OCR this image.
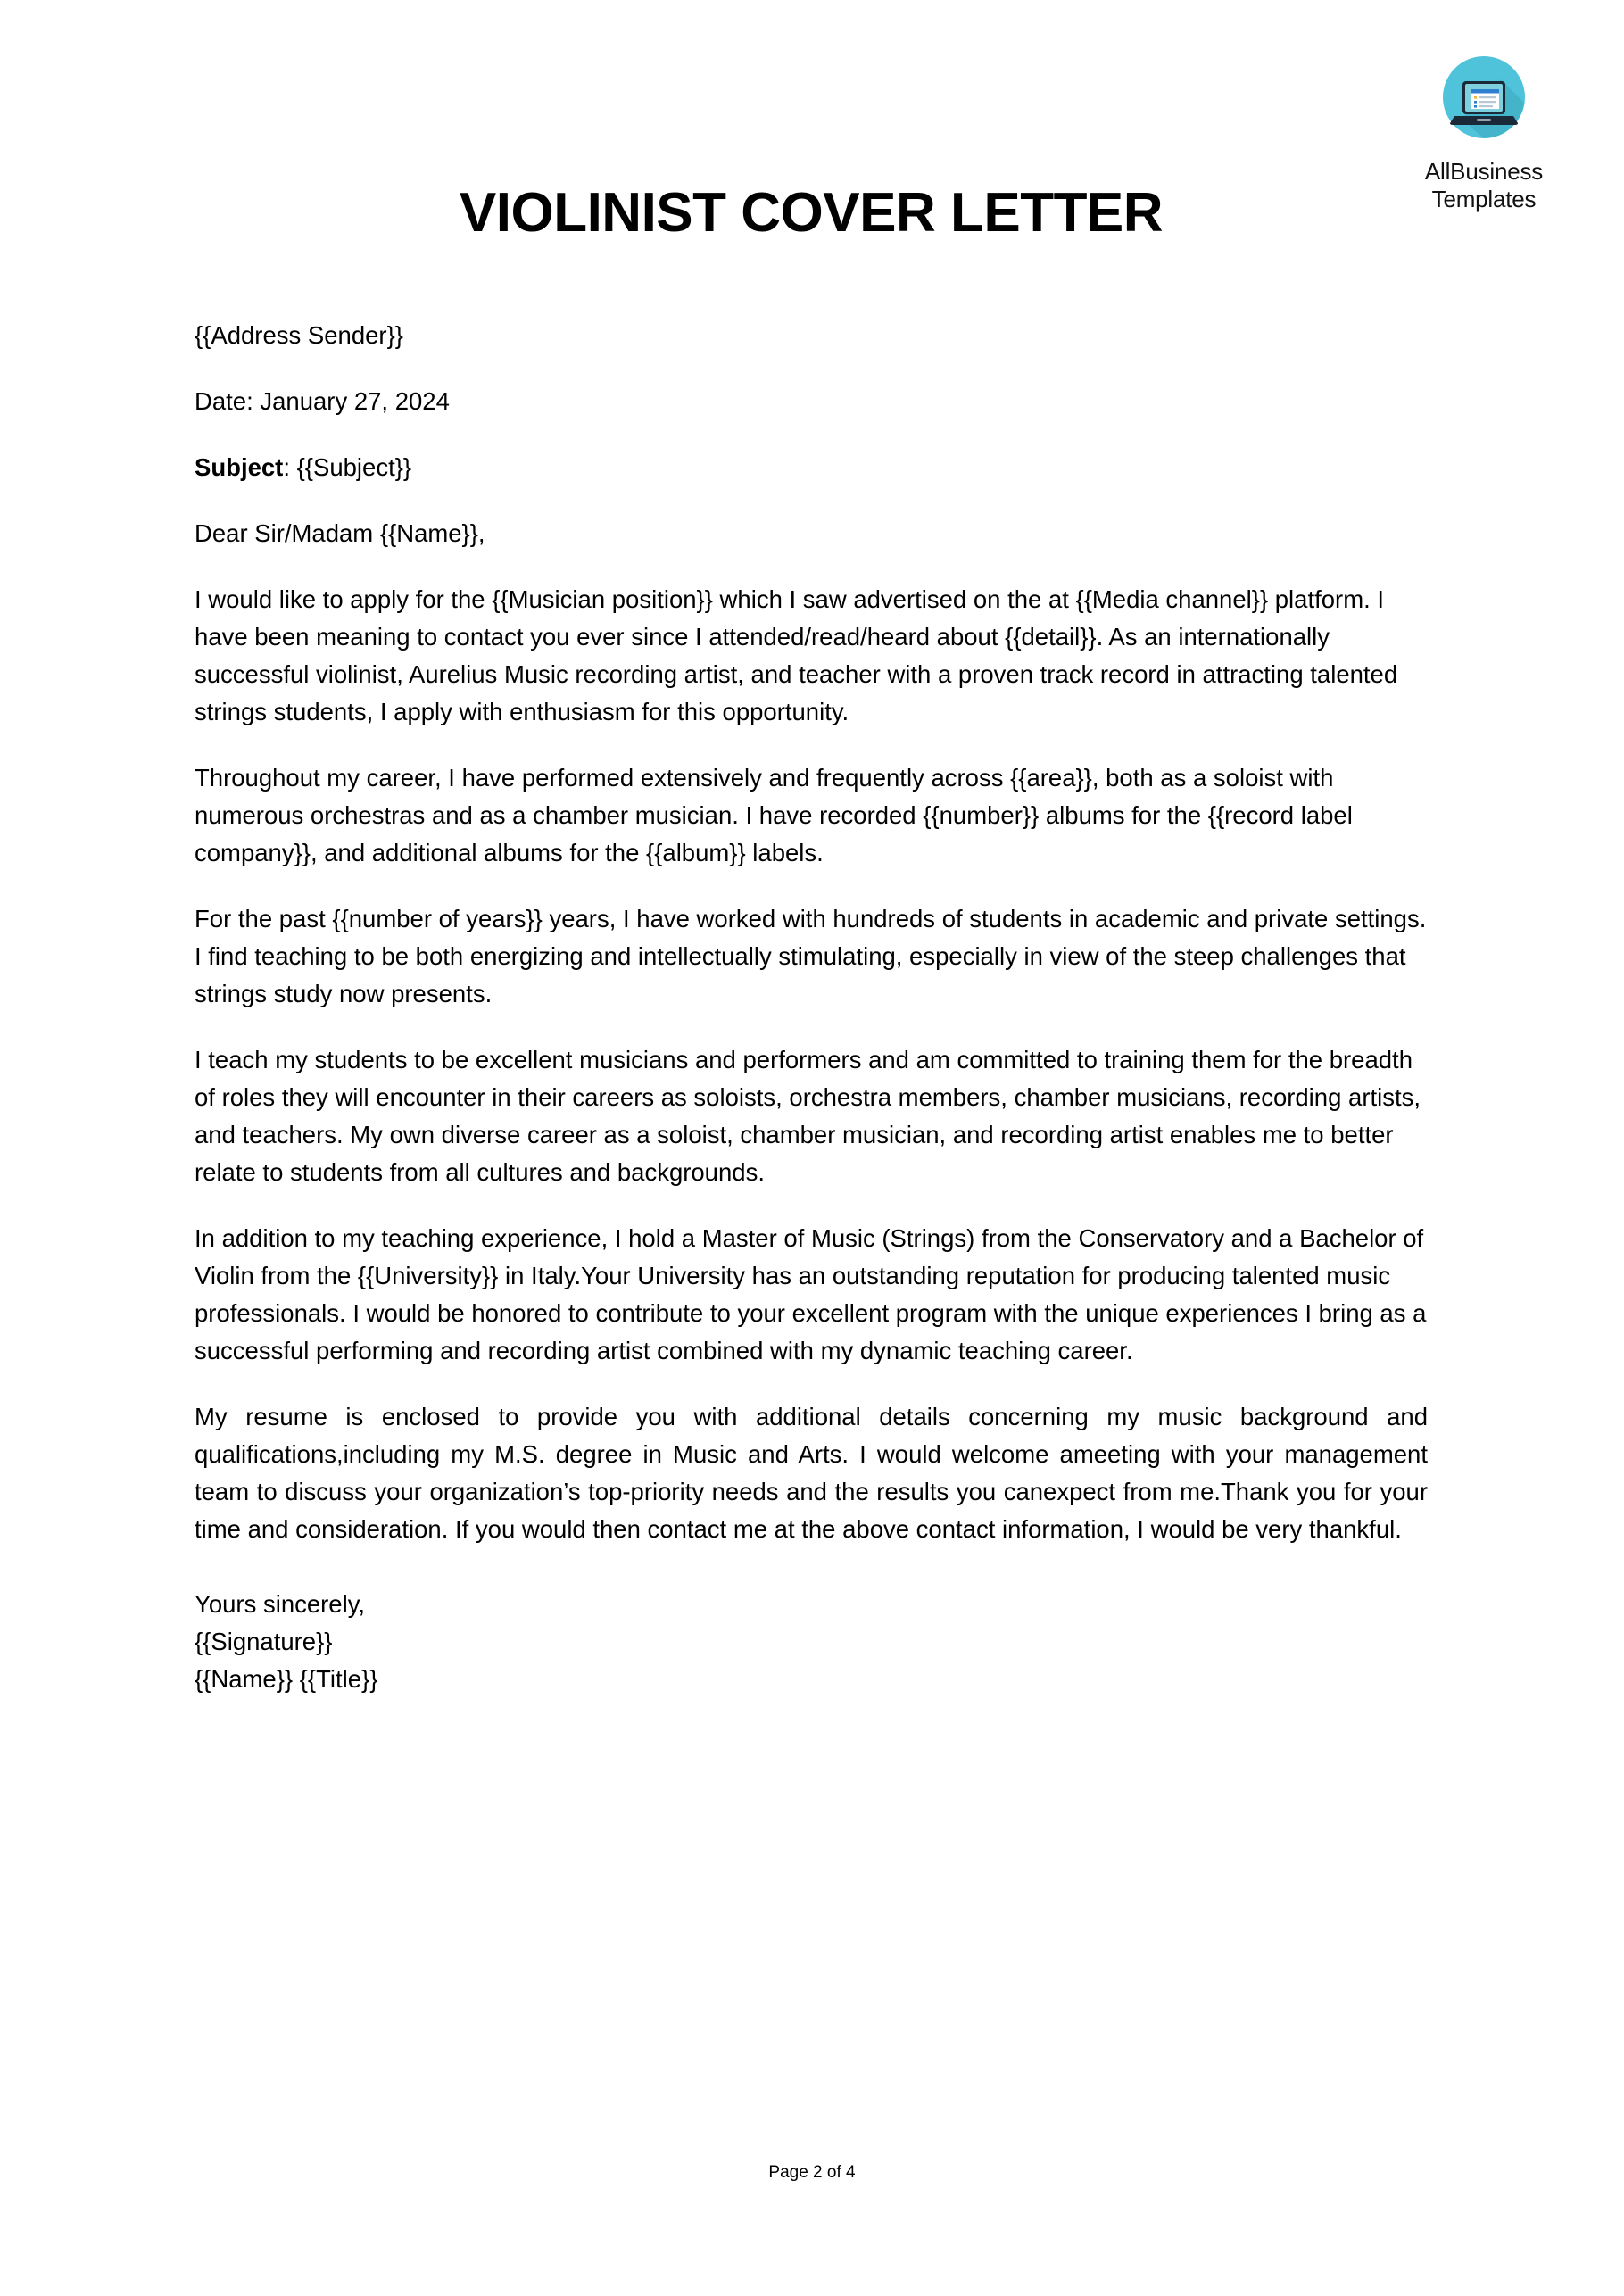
AllBusiness
Templates
VIOLINIST COVER LETTER

{{Address Sender}}

Date: January 27, 2024

Subject: {{Subject}}

Dear Sir/Madam {{Name}},

I would like to apply for the {{Musician position}} which I saw advertised on the at {{Media channel}} platform. I have been meaning to contact you ever since I attended/read/heard about {{detail}}. As an internationally successful violinist, Aurelius Music recording artist, and teacher with a proven track record in attracting talented strings students, I apply with enthusiasm for this opportunity.

Throughout my career, I have performed extensively and frequently across {{area}}, both as a soloist with numerous orchestras and as a chamber musician. I have recorded {{number}} albums for the {{record label company}}, and additional albums for the {{album}} labels.

For the past {{number of years}} years, I have worked with hundreds of students in academic and private settings. I find teaching to be both energizing and intellectually stimulating, especially in view of the steep challenges that strings study now presents.

I teach my students to be excellent musicians and performers and am committed to training them for the breadth of roles they will encounter in their careers as soloists, orchestra members, chamber musicians, recording artists, and teachers. My own diverse career as a soloist, chamber musician, and recording artist enables me to better relate to students from all cultures and backgrounds.

In addition to my teaching experience, I hold a Master of Music (Strings) from the Conservatory and a Bachelor of Violin from the {{University}} in Italy.Your University has an outstanding reputation for producing talented music professionals. I would be honored to contribute to your excellent program with the unique experiences I bring as a successful performing and recording artist combined with my dynamic teaching career.

My resume is enclosed to provide you with additional details concerning my music background and qualifications,including my M.S. degree in Music and Arts. I would welcome ameeting with your management team to discuss your organization’s top-priority needs and the results you canexpect from me.Thank you for your time and consideration. If you would then contact me at the above contact information, I would be very thankful.

Yours sincerely,
{{Signature}}
{{Name}} {{Title}}
Page 2 of 4
